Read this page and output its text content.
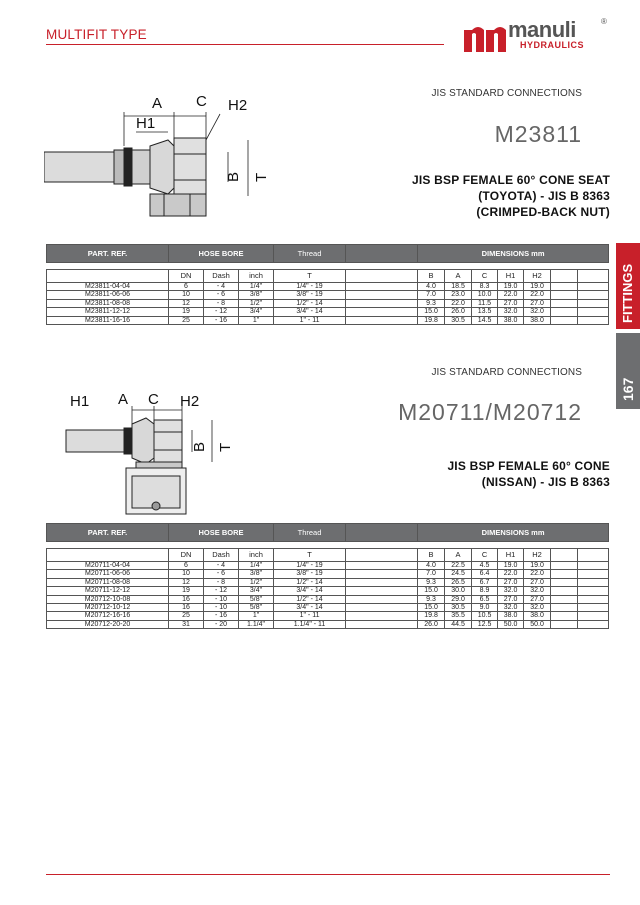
MULTIFIT TYPE	manuli	®
HYDRAULICS
FITTINGS
167
JIS STANDARD CONNECTIONS
M23811
JIS BSP FEMALE 60° CONE SEAT
(TOYOTA) - JIS B 8363
(CRIMPED-BACK NUT)
A C
H1
H2
B T
PART. REF.	HOSE BORE			Thread		DIMENSIONS mm						

	DN	Dash	inch	T		B	A	C	H1	H2		
M23811-04-04	6	- 4	1/4"	1/4" - 19		4.0	18.5	8.3	19.0	19.0		
M23811-06-06	10	- 6	3/8"	3/8" - 19		7.0	23.0	10.0	22.0	22.0		
M23811-08-08	12	- 8	1/2"	1/2" - 14		9.3	22.0	11.5	27.0	27.0		
M23811-12-12	19	- 12	3/4"	3/4" - 14		15.0	26.0	13.5	32.0	32.0		
M23811-16-16	25	- 16	1"	1" - 11		19.8	30.5	14.5	38.0	38.0		
JIS STANDARD CONNECTIONS
M20711/M20712
JIS BSP FEMALE 60° CONE
(NISSAN) - JIS B 8363
H1 A C H2
B T
PART. REF.	HOSE BORE			Thread		DIMENSIONS mm						

	DN	Dash	inch	T		B	A	C	H1	H2		
M20711-04-04	6	- 4	1/4"	1/4" - 19		4.0	22.5	4.5	19.0	19.0		
M20711-06-06	10	- 6	3/8"	3/8" - 19		7.0	24.5	6.4	22.0	22.0		
M20711-08-08	12	- 8	1/2"	1/2" - 14		9.3	26.5	6.7	27.0	27.0		
M20711-12-12	19	- 12	3/4"	3/4" - 14		15.0	30.0	8.9	32.0	32.0		
M20712-10-08	16	- 10	5/8"	1/2" - 14		9.3	29.0	6.5	27.0	27.0		
M20712-10-12	16	- 10	5/8"	3/4" - 14		15.0	30.5	9.0	32.0	32.0		
M20712-16-16	25	- 16	1"	1" - 11		19.8	35.5	10.5	38.0	38.0		
M20712-20-20	31	- 20	1.1/4"	1.1/4" - 11		26.0	44.5	12.5	50.0	50.0		
